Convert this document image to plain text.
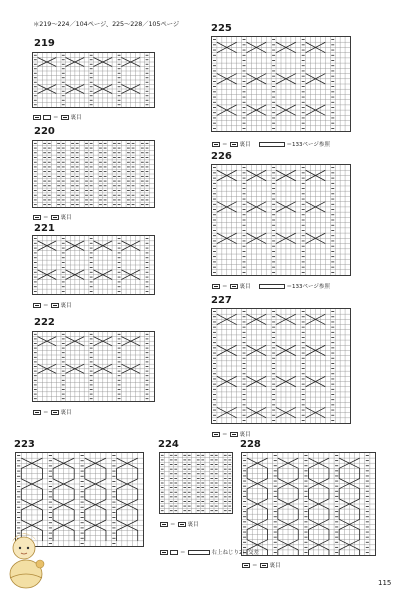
＊219～224／104ページ、225～228／105ページ
219
＝ 裏目
220
＝ 裏目
221
＝ 裏目
222
＝ 裏目
223	224
＝ 裏目
＝	右上ねじり2目交差
225
＝ 裏目	＝133ページ参照
226
＝ 裏目	＝133ページ参照
227
＝ 裏目
228
＝ 裏目
115
